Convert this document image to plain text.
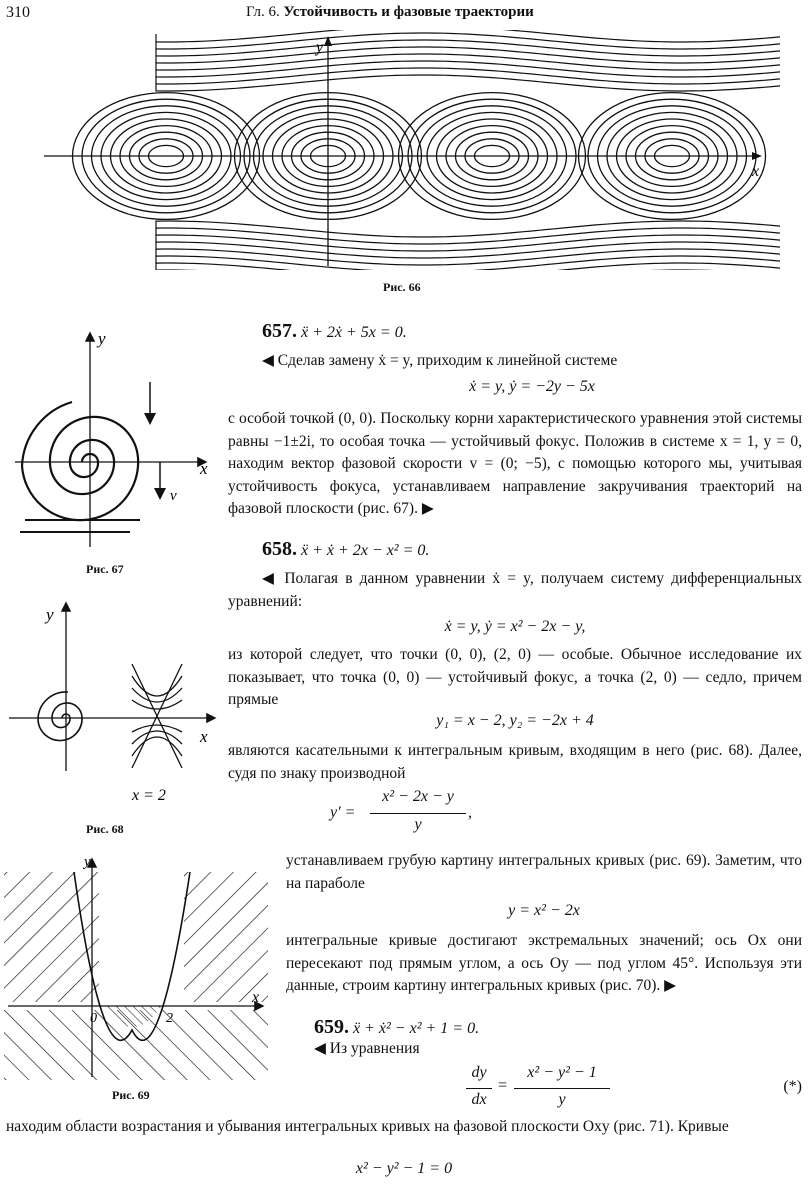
310	Гл. 6. Устойчивость и фазовые траектории
y
x
Рис. 66
y
x
v
Рис. 67
y
x
x = 2
Рис. 68
y
x
0	2
Рис. 69
657. ẍ + 2ẋ + 5x = 0.
◀ Сделав замену ẋ = y, приходим к линейной системе
ẋ = y, ẏ = −2y − 5x
с особой точкой (0, 0). Поскольку корни характеристического уравнения этой системы равны −1±2i, то особая точка — устойчивый фокус. Положив в системе x = 1, y = 0, находим вектор фазовой скорости v = (0; −5), с помощью которого мы, учитывая устойчивость фокуса, устанавливаем направление закручивания траекторий на фазовой плоскости (рис. 67). ▶
658. ẍ + ẋ + 2x − x² = 0.
◀ Полагая в данном уравнении ẋ = y, получаем систему дифференциальных уравнений:
ẋ = y, ẏ = x² − 2x − y,
из которой следует, что точки (0, 0), (2, 0) — особые. Обычное исследование их показывает, что точка (0, 0) — устойчивый фокус, а точка (2, 0) — седло, причем прямые
y₁ = x − 2, y₂ = −2x + 4
являются касательными к интегральным кривым, входящим в него (рис. 68). Далее, судя по знаку производной
y′ =
x² − 2x − y
y
,
устанавливаем грубую картину интегральных кривых (рис. 69). Заметим, что на параболе
y = x² − 2x
интегральные кривые достигают экстремальных значений; ось Ox они пересекают под прямым углом, а ось Oy — под углом 45°. Используя эти данные, строим картину интегральных кривых (рис. 70). ▶
659. ẍ + ẋ² − x² + 1 = 0.
◀ Из уравнения
dy
dx
=
x² − y² − 1
y
(*)
находим области возрастания и убывания интегральных кривых на фазовой плоскости Oxy (рис. 71). Кривые
x² − y² − 1 = 0
